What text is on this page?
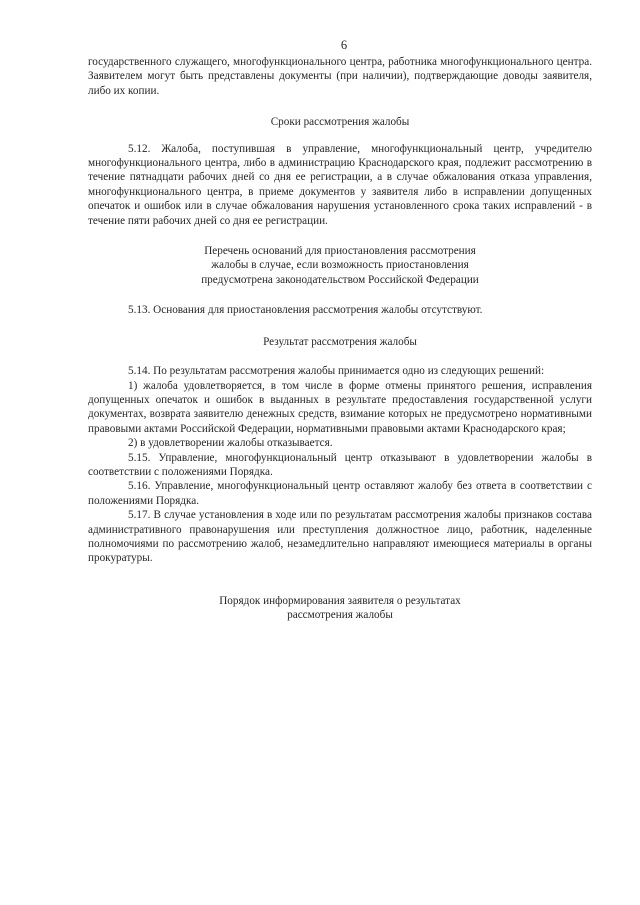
6

государственного служащего, многофункционального центра, работника многофункционального центра. Заявителем могут быть представлены документы (при наличии), подтверждающие доводы заявителя, либо их копии.

Сроки рассмотрения жалобы

5.12. Жалоба, поступившая в управление, многофункциональный центр, учредителю многофункционального центра, либо в администрацию Краснодарского края, подлежит рассмотрению в течение пятнадцати рабочих дней со дня ее регистрации, а в случае обжалования отказа управления, многофункционального центра, в приеме документов у заявителя либо в исправлении допущенных опечаток и ошибок или в случае обжалования нарушения установленного срока таких исправлений - в течение пяти рабочих дней со дня ее регистрации.

Перечень оснований для приостановления рассмотрения
жалобы в случае, если возможность приостановления
предусмотрена законодательством Российской Федерации

5.13. Основания для приостановления рассмотрения жалобы отсутствуют.

Результат рассмотрения жалобы

5.14. По результатам рассмотрения жалобы принимается одно из следующих решений:

1) жалоба удовлетворяется, в том числе в форме отмены принятого решения, исправления допущенных опечаток и ошибок в выданных в результате предоставления государственной услуги документах, возврата заявителю денежных средств, взимание которых не предусмотрено нормативными правовыми актами Российской Федерации, нормативными правовыми актами Краснодарского края;

2) в удовлетворении жалобы отказывается.

5.15. Управление, многофункциональный центр отказывают в удовлетворении жалобы в соответствии с положениями Порядка.

5.16. Управление, многофункциональный центр оставляют жалобу без ответа в соответствии с положениями Порядка.

5.17. В случае установления в ходе или по результатам рассмотрения жалобы признаков состава административного правонарушения или преступления должностное лицо, работник, наделенные полномочиями по рассмотрению жалоб, незамедлительно направляют имеющиеся материалы в органы прокуратуры.

Порядок информирования заявителя о результатах
рассмотрения жалобы
